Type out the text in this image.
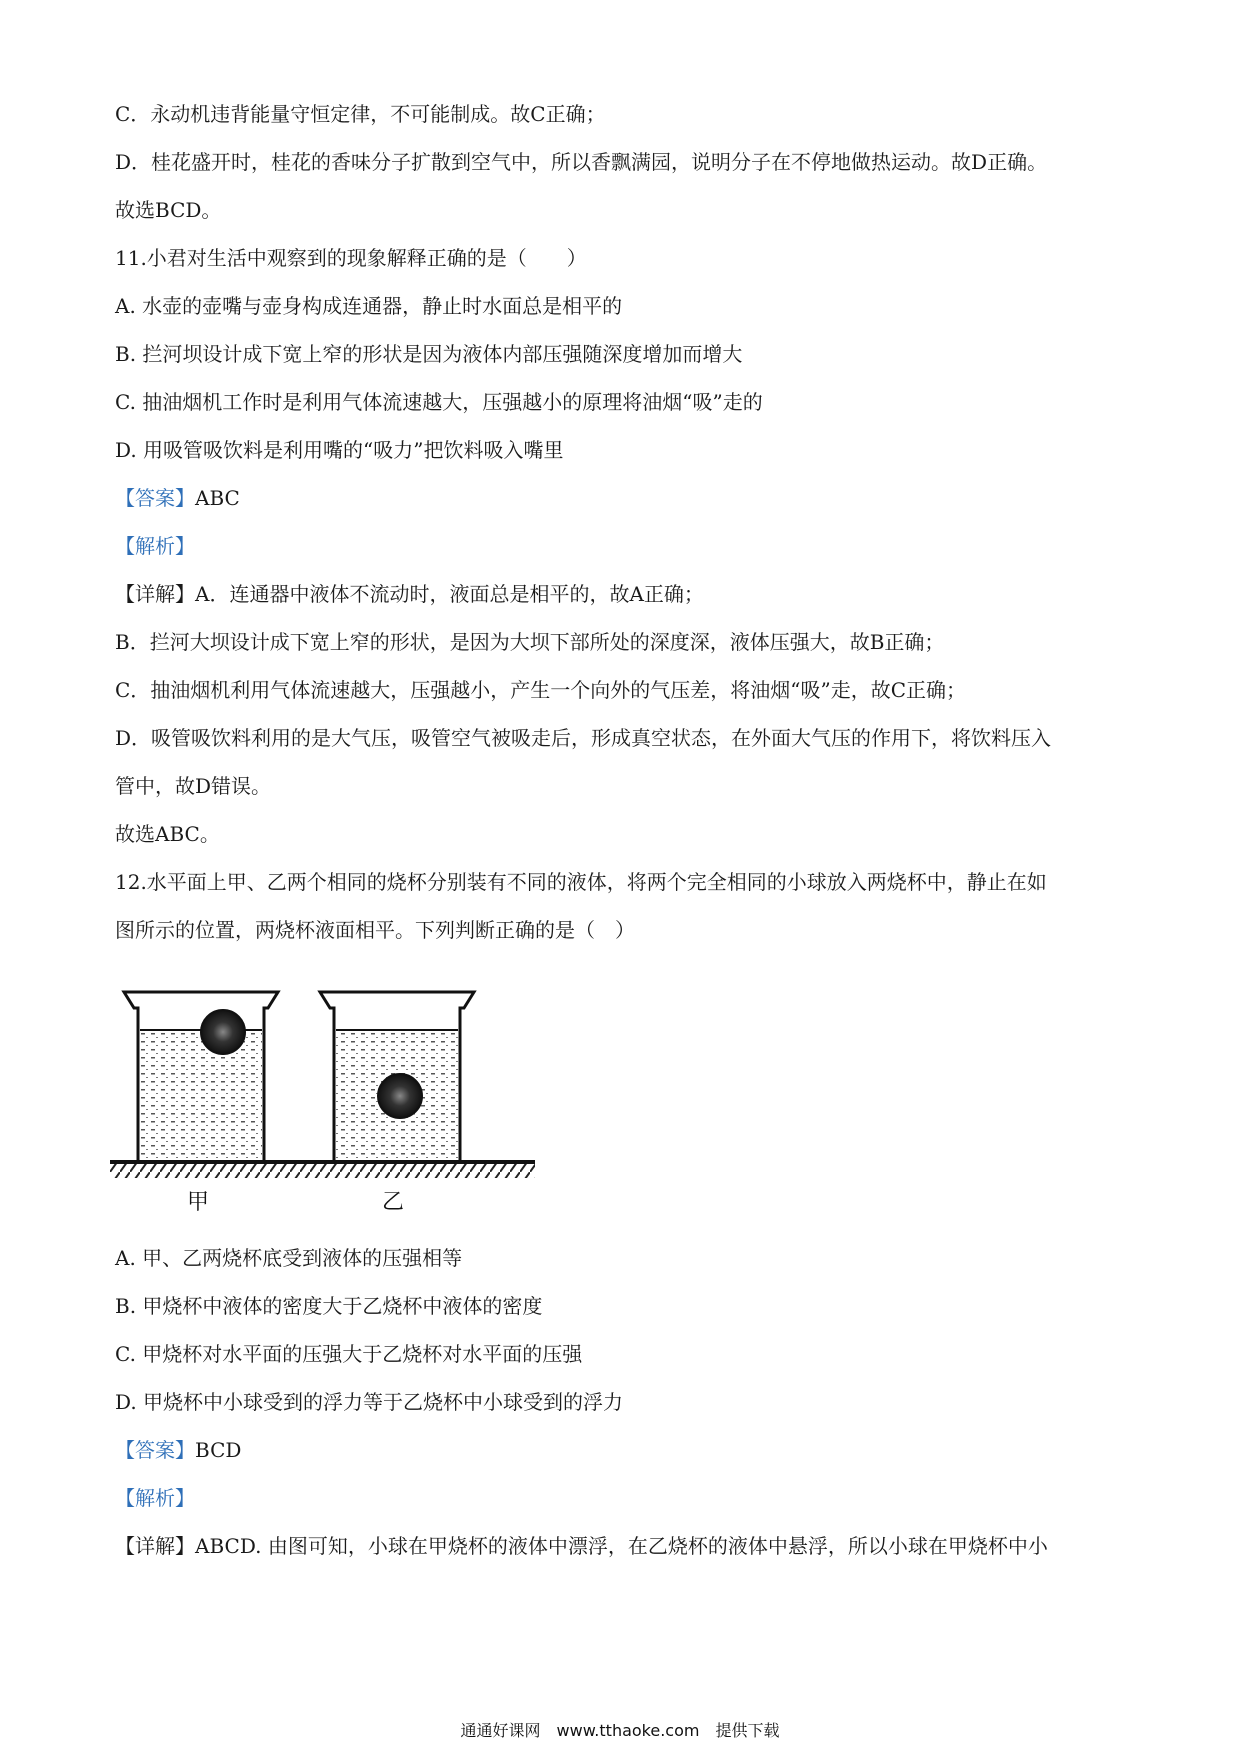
C．永动机违背能量守恒定律，不可能制成。故C正确；
D．桂花盛开时，桂花的香味分子扩散到空气中，所以香飘满园，说明分子在不停地做热运动。故D正确。
故选BCD。
11.小君对生活中观察到的现象解释正确的是（　　）
A. 水壶的壶嘴与壶身构成连通器，静止时水面总是相平的
B. 拦河坝设计成下宽上窄的形状是因为液体内部压强随深度增加而增大
C. 抽油烟机工作时是利用气体流速越大，压强越小的原理将油烟“吸”走的
D. 用吸管吸饮料是利用嘴的“吸力”把饮料吸入嘴里
【答案】ABC
【解析】
【详解】A．连通器中液体不流动时，液面总是相平的，故A正确；
B．拦河大坝设计成下宽上窄的形状，是因为大坝下部所处的深度深，液体压强大，故B正确；
C．抽油烟机利用气体流速越大，压强越小，产生一个向外的气压差，将油烟“吸”走，故C正确；
D．吸管吸饮料利用的是大气压，吸管空气被吸走后，形成真空状态，在外面大气压的作用下，将饮料压入
管中，故D错误。
故选ABC。
12.水平面上甲、乙两个相同的烧杯分别装有不同的液体，将两个完全相同的小球放入两烧杯中，静止在如
图所示的位置，两烧杯液面相平。下列判断正确的是（　）
甲	乙
A. 甲、乙两烧杯底受到液体的压强相等
B. 甲烧杯中液体的密度大于乙烧杯中液体的密度
C. 甲烧杯对水平面的压强大于乙烧杯对水平面的压强
D. 甲烧杯中小球受到的浮力等于乙烧杯中小球受到的浮力
【答案】BCD
【解析】
【详解】ABCD. 由图可知，小球在甲烧杯的液体中漂浮，在乙烧杯的液体中悬浮，所以小球在甲烧杯中小
通通好课网　www.tthaoke.com　提供下载
